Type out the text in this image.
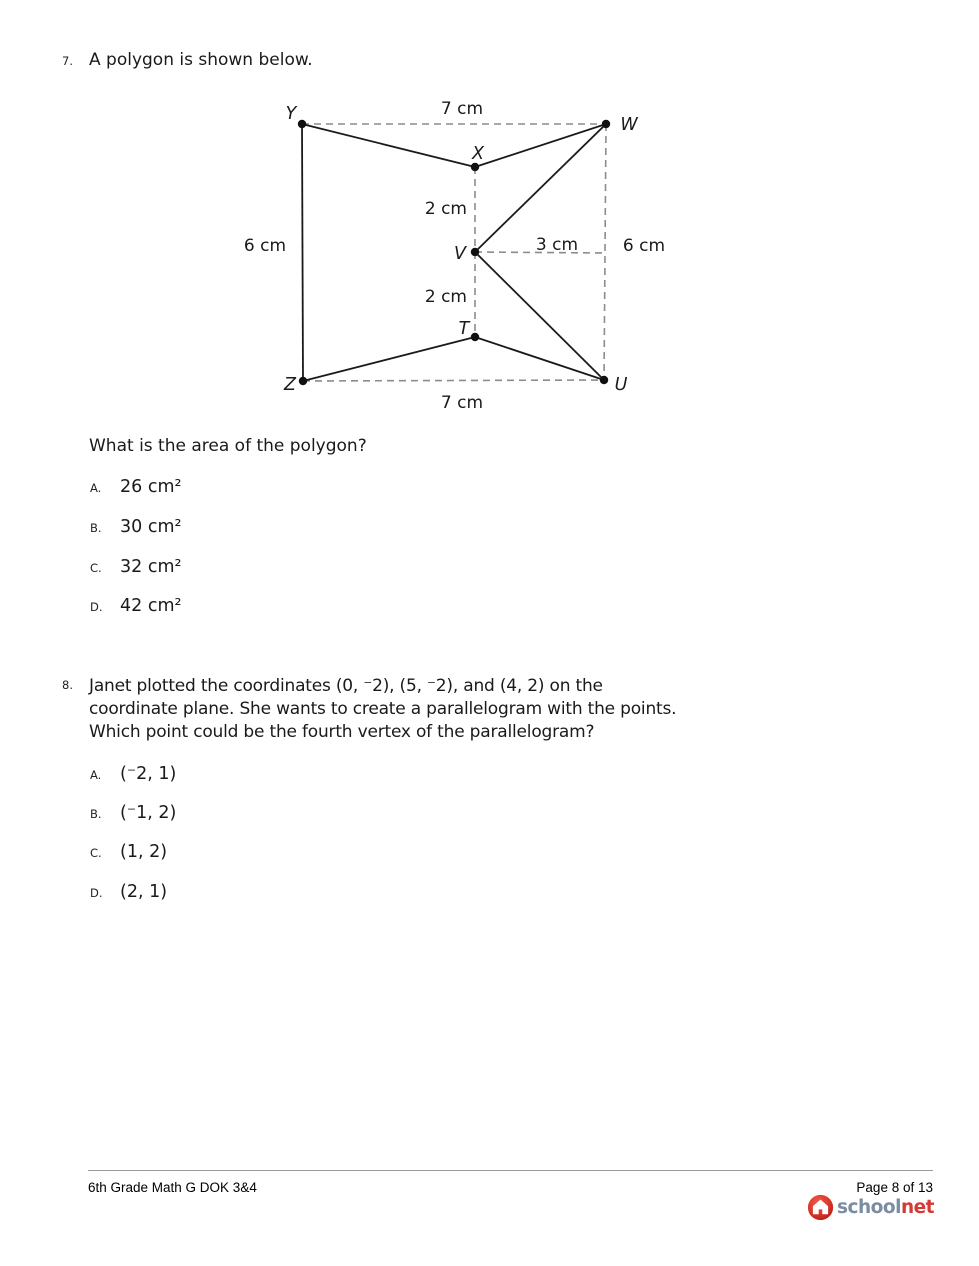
7. A polygon is shown below.
7 cm
2 cm
6 cm	3 cm	6 cm
2 cm
7 cm
Y
W
X
V
T
Z	U
What is the area of the polygon?
A. 26 cm²
B. 30 cm²
C. 32 cm²
D. 42 cm²
8. Janet plotted the coordinates (0, ⁻2), (5, ⁻2), and (4, 2) on the
coordinate plane. She wants to create a parallelogram with the points.
Which point could be the fourth vertex of the parallelogram?
A. (⁻2, 1)
B. (⁻1, 2)
C. (1, 2)
D. (2, 1)
6th Grade Math G DOK 3&4	Page 8 of 13
schoolnet
